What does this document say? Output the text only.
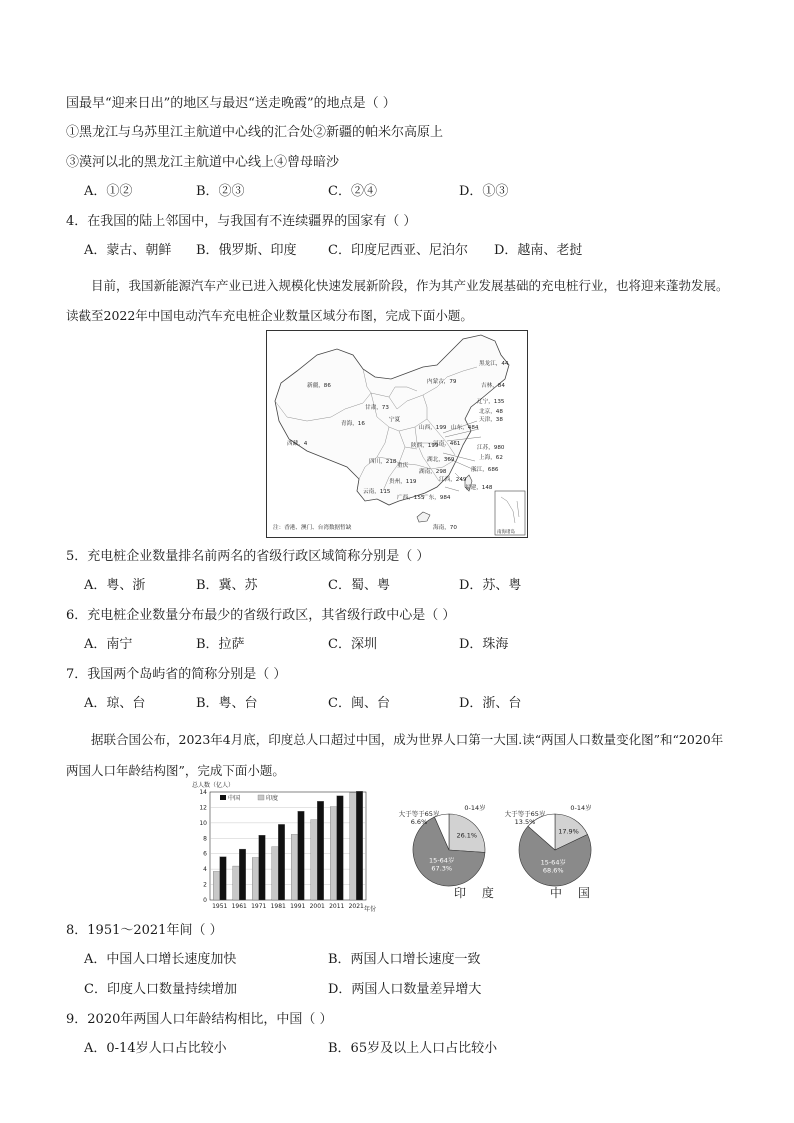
国最早“迎来日出”的地区与最迟“送走晚霞”的地点是（ ）
①黑龙江与乌苏里江主航道中心线的汇合处②新疆的帕米尔高原上
③漠河以北的黑龙江主航道中心线上④曾母暗沙
A．①②	B．②③	C．②④	D．①③
4．在我国的陆上邻国中，与我国有不连续疆界的国家有（ ）
A．蒙古、朝鲜 B．俄罗斯、印度 C．印度尼西亚、尼泊尔 D．越南、老挝
目前，我国新能源汽车产业已进入规模化快速发展新阶段，作为其产业发展基础的充电桩行业，也将迎来蓬勃发展。读截至2022年中国电动汽车充电桩企业数量区域分布图，完成下面小题。
新疆，86
西藏，4
青海，16
甘肃，73
内蒙古，79
宁夏
黑龙江，44
吉林，84
辽宁，135
北京，48
天津，38
山东，484
山西，199
河南，461
江苏，980
上海，62
浙江，686
陕西，199
四川，218
重庆
湖北，369
湖南，298
贵州，119	江西，249
福建，148
云南，115
广西，155
广东，984
海南，70
注：香港、澳门、台湾数据暂缺
南海诸岛
5．充电桩企业数量排名前两名的省级行政区域简称分别是（ ）
A．粤、浙	B．冀、苏	C．蜀、粤	D．苏、粤
6．充电桩企业数量分布最少的省级行政区，其省级行政中心是（ ）
A．南宁	B．拉萨	C．深圳	D．珠海
7．我国两个岛屿省的简称分别是（ ）
A．琼、台	B．粤、台	C．闽、台	D．浙、台
据联合国公布，2023年4月底，印度总人口超过中国，成为世界人口第一大国.读“两国人口数量变化图”和“2020年两国人口年龄结构图”，完成下面小题。
总人数（亿人）
年份
中国	印度
0
2
4
6
8
10
12
14
1951 1961 1971 1981 1991 2001 2011 2021
0-14岁
26.1%
15-64岁
67.3%
大于等于65岁
6.6%
印 度
0-14岁
17.9%
15-64岁
68.6%
大于等于65岁
13.5%
中 国
8．1951～2021年间（ ）
A．中国人口增长速度加快	B．两国人口增长速度一致
C．印度人口数量持续增加	D．两国人口数量差异增大
9．2020年两国人口年龄结构相比，中国（ ）
A．0-14岁人口占比较小	B．65岁及以上人口占比较小
